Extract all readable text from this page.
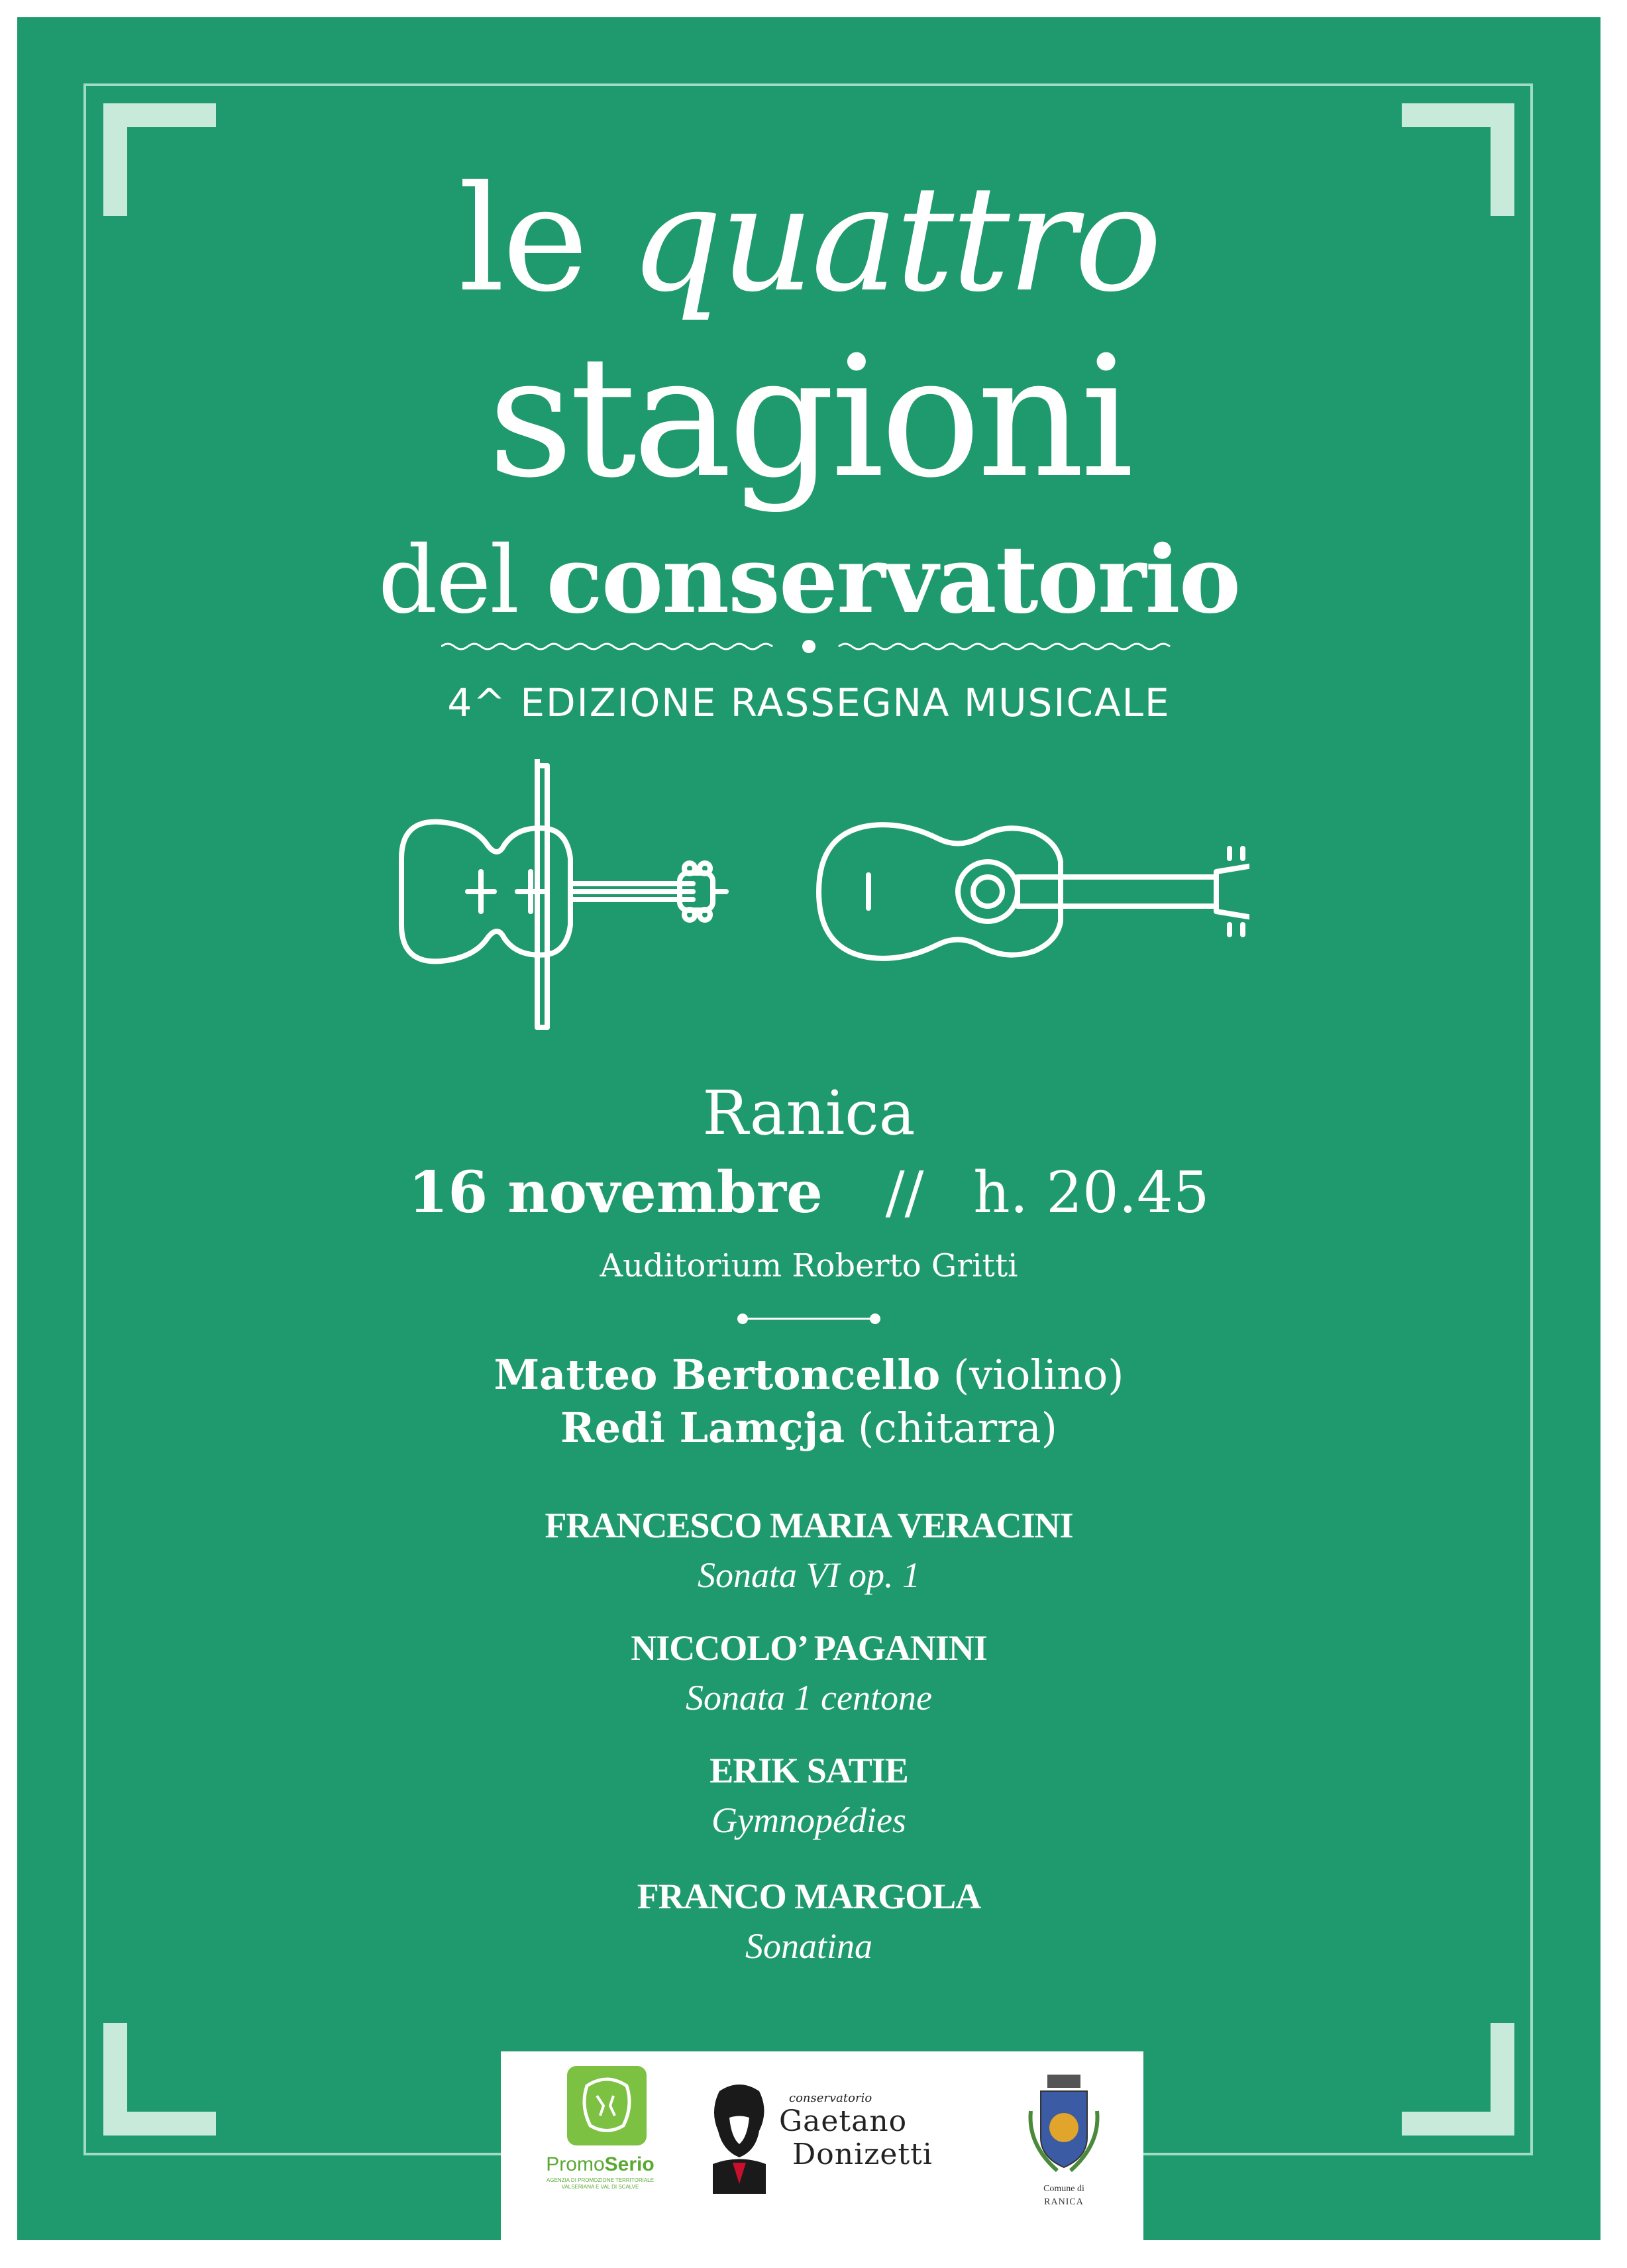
le quattro
stagioni
del conservatorio
4^ EDIZIONE RASSEGNA MUSICALE
Ranica
16 novembre // h. 20.45
Auditorium Roberto Gritti
Matteo Bertoncello (violino)
Redi Lamçja (chitarra)
FRANCESCO MARIA VERACINI
Sonata VI op. 1
NICCOLO’ PAGANINI
Sonata 1 centone
ERIK SATIE
Gymnopédies
FRANCO MARGOLA
Sonatina
PromoSerio
AGENZIA DI PROMOZIONE TERRITORIALE VALSERIANA E VAL DI SCALVE
conservatorio
Gaetano
Donizetti
Comune di
RANICA
